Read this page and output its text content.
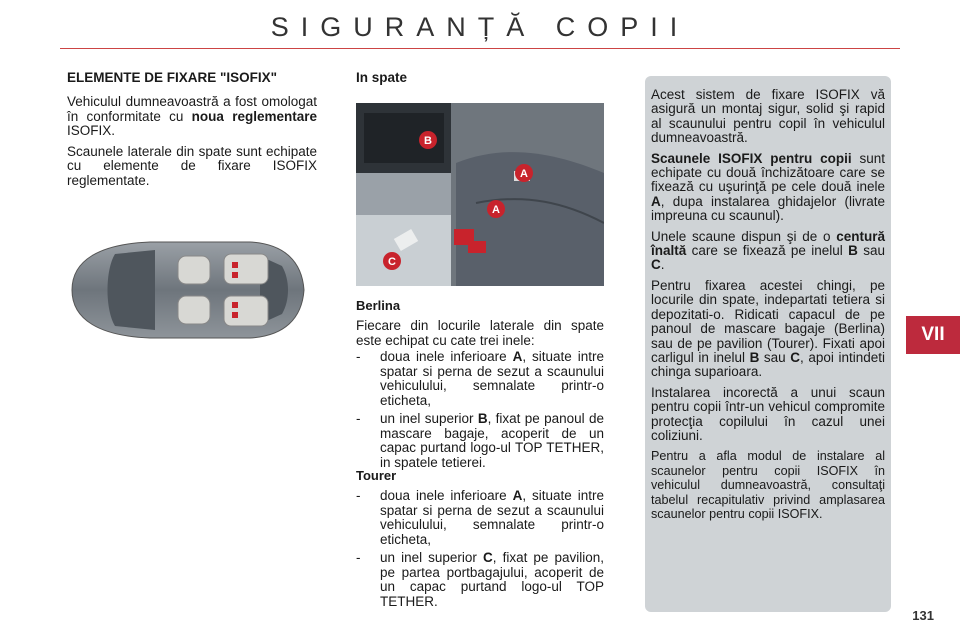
SIGURANȚĂ COPII
ELEMENTE DE FIXARE "ISOFIX"

Vehiculul dumneavoastră a fost omologat în conformitate cu noua reglementare ISOFIX.

Scaunele laterale din spate sunt echipate cu elemente de fixare ISOFIX reglementate.

In spate
B
A
A
C
Berlina

Fiecare din locurile laterale din spate este echipat cu cate trei inele:

-	doua inele inferioare A, situate intre spatar si perna de sezut a scaunului vehiculului, semnalate printr-o eticheta,
-	un inel superior B, fixat pe panoul de mascare bagaje, acoperit de un capac purtand logo-ul TOP TETHER, in spatele tetierei.
Tourer
-	doua inele inferioare A, situate intre spatar si perna de sezut a scaunului vehiculului, semnalate printr-o eticheta,
-	un inel superior C, fixat pe pavilion, pe partea portbagajului, acoperit de un capac purtand logo-ul TOP TETHER.

Acest sistem de fixare ISOFIX vă asigură un montaj sigur, solid şi rapid al scaunului pentru copil în vehiculul dumneavoastră.

Scaunele ISOFIX pentru copii sunt echipate cu două închizătoare care se fixează cu uşurinţă pe cele două inele A, dupa instalarea ghidajelor (livrate impreuna cu scaunul).

Unele scaune dispun şi de o centură înaltă care se fixează pe inelul B sau C.

Pentru fixarea acestei chingi, pe locurile din spate, indepartati tetiera si depozitati-o. Ridicati capacul de pe panoul de mascare bagaje (Berlina) sau de pe pavilion (Tourer). Fixati apoi carligul in inelul B sau C, apoi intindeti chinga suparioara.

Instalarea incorectă a unui scaun pentru copii într-un vehicul compromite protecţia copilului în cazul unei coliziuni.

Pentru a afla modul de instalare al scaunelor pentru copii ISOFIX în vehiculul dumneavoastră, consultaţi tabelul recapitulativ privind amplasarea scaunelor pentru copii ISOFIX.

VII
131
